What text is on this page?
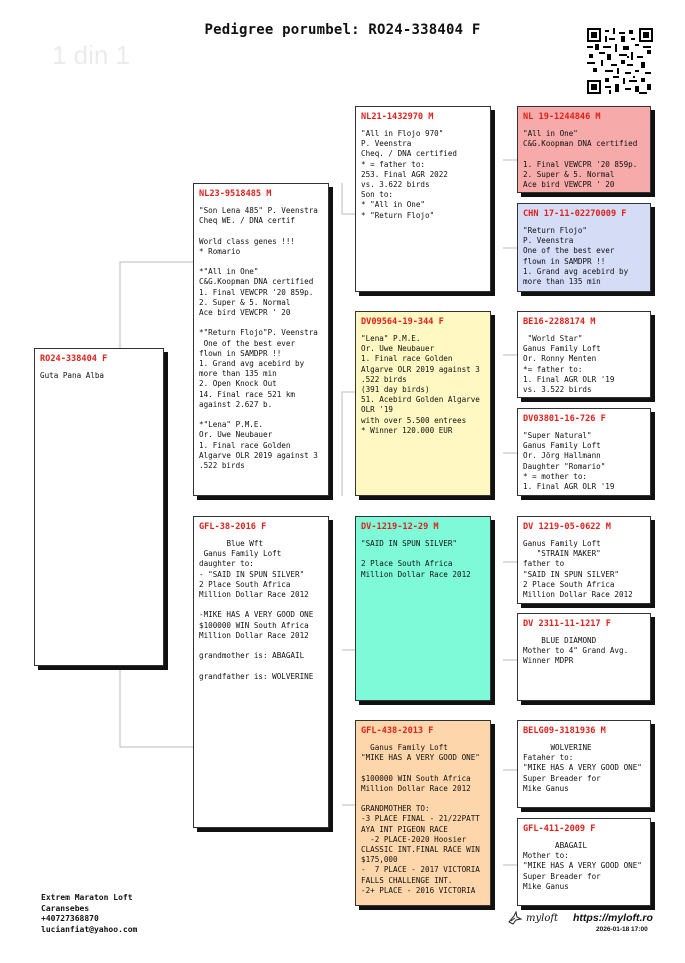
1 din 1
Pedigree porumbel: RO24-338404 F
RO24-338404 F
Guta Pana Alba
NL23-9518485 M
"Son Lena 485" P. Veenstra
Cheq WE. / DNA certif

World class genes !!!
* Romario

*"All in One"
C&G.Koopman DNA certified
1. Final VEWCPR '20 859p.
2. Super & 5. Normal
Ace bird VEWCPR ' 20

*"Return Flojo"P. Veenstra
One of the best ever
flown in SAMDPR !!
1. Grand avg acebird by
more than 135 min
2. Open Knock Out
14. Final race 521 km
against 2.627 b.

*"Lena" P.M.E.
Or. Uwe Neubauer
1. Final race Golden
Algarve OLR 2019 against 3
.522 birds
GFL-38-2016 F
Blue Wft
Ganus Family Loft
daughter to:
- "SAID IN SPUN SILVER"
2 Place South Africa
Million Dollar Race 2012

-MIKE HAS A VERY GOOD ONE
$100000 WIN South Africa
Million Dollar Race 2012

grandmother is: ABAGAIL

grandfather is: WOLVERINE
NL21-1432970 M
"All in Flojo 970"
P. Veenstra
Cheq. / DNA certified
* = father to:
253. Final AGR 2022
vs. 3.622 birds
Son to:
* "All in One"
* "Return Flojo"
DV09564-19-344 F
"Lena" P.M.E.
Or. Uwe Neubauer
1. Final race Golden
Algarve OLR 2019 against 3
.522 birds
(391 day birds)
51. Acebird Golden Algarve
OLR '19
with over 5.500 entrees
* Winner 120.000 EUR
DV-1219-12-29 M
"SAID IN SPUN SILVER"

2 Place South Africa
Million Dollar Race 2012
GFL-438-2013 F
Ganus Family Loft
"MIKE HAS A VERY GOOD ONE"

$100000 WIN South Africa
Million Dollar Race 2012

GRANDMOTHER TO:
-3 PLACE FINAL - 21/22PATT
AYA INT PIGEON RACE
-2 PLACE-2020 Hoosier
CLASSIC INT.FINAL RACE WIN
$175,000
-  7 PLACE - 2017 VICTORIA
FALLS CHALLENGE INT.
-2+ PLACE - 2016 VICTORIA
NL 19-1244846 M
"All in One"
C&G.Koopman DNA certified

1. Final VEWCPR '20 859p.
2. Super & 5. Normal
Ace bird VEWCPR ' 20
CHN 17-11-02270009 F
"Return Flojo"
P. Veenstra
One of the best ever
flown in SAMDPR !!
1. Grand avg acebird by
more than 135 min
BE16-2288174 M
"World Star"
Ganus Family Loft
Or. Ronny Menten
*= father to:
1. Final AGR OLR '19
vs. 3.522 birds
DV03801-16-726 F
"Super Natural"
Ganus Family Loft
Or. Jörg Hallmann
Daughter "Romario"
* = mother to:
1. Final AGR OLR '19
DV 1219-05-0622 M
Ganus Family Loft
"STRAIN MAKER"
father to
"SAID IN SPUN SILVER"
2 Place South Africa
Million Dollar Race 2012
DV 2311-11-1217 F
BLUE DIAMOND
Mother to 4" Grand Avg.
Winner MDPR
BELG09-3181936 M
WOLVERINE
Fataher to:
"MIKE HAS A VERY GOOD ONE"
Super Breader for
Mike Ganus
GFL-411-2009 F
ABAGAIL
Mother to:
"MIKE HAS A VERY GOOD ONE"
Super Breader for
Mike Ganus
Extrem Maraton Loft
Caransebes
+40727368870
lucianfiat@yahoo.com
myloft https://myloft.ro
2026-01-18 17:00
